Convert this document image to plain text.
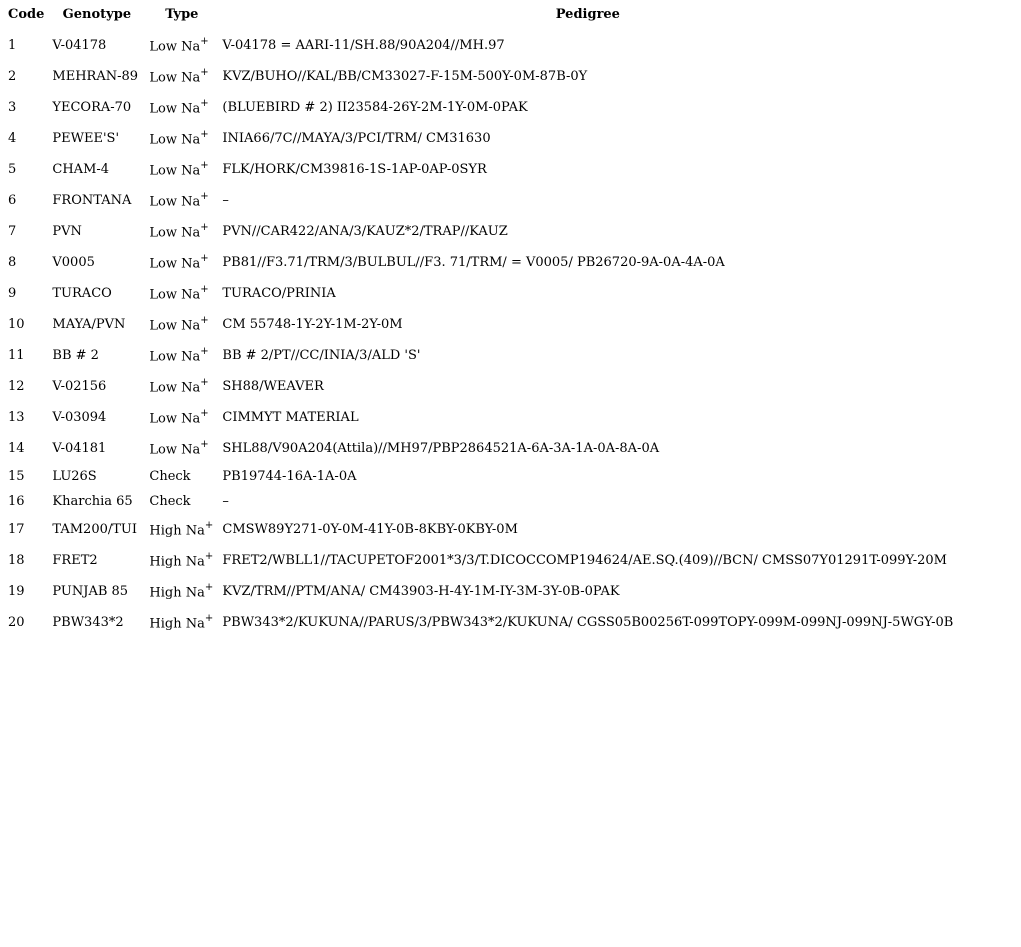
Code	Genotype	Type	Pedigree
1	V-04178	Low Na+	V-04178 = AARI-11/SH.88/90A204//MH.97
2	MEHRAN-89	Low Na+	KVZ/BUHO//KAL/BB/CM33027-F-15M-500Y-0M-87B-0Y
3	YECORA-70	Low Na+	(BLUEBIRD # 2) II23584-26Y-2M-1Y-0M-0PAK
4	PEWEE'S'	Low Na+	INIA66/7C//MAYA/3/PCI/TRM/ CM31630
5	CHAM-4	Low Na+	FLK/HORK/CM39816-1S-1AP-0AP-0SYR
6	FRONTANA	Low Na+	–
7	PVN	Low Na+	PVN//CAR422/ANA/3/KAUZ*2/TRAP//KAUZ
8	V0005	Low Na+	PB81//F3.71/TRM/3/BULBUL//F3. 71/TRM/ = V0005/ PB26720-9A-0A-4A-0A
9	TURACO	Low Na+	TURACO/PRINIA
10	MAYA/PVN	Low Na+	CM 55748-1Y-2Y-1M-2Y-0M
11	BB # 2	Low Na+	BB # 2/PT//CC/INIA/3/ALD 'S'
12	V-02156	Low Na+	SH88/WEAVER
13	V-03094	Low Na+	CIMMYT MATERIAL
14	V-04181	Low Na+	SHL88/V90A204(Attila)//MH97/PBP2864521A-6A-3A-1A-0A-8A-0A
15	LU26S	Check	PB19744-16A-1A-0A
16	Kharchia 65	Check	–
17	TAM200/TUI	High Na+	CMSW89Y271-0Y-0M-41Y-0B-8KBY-0KBY-0M
18	FRET2	High Na+	FRET2/WBLL1//TACUPETOF2001*3/3/T.DICOCCOMP194624/AE.SQ.(409)//BCN/ CMSS07Y01291T-099Y-20M
19	PUNJAB 85	High Na+	KVZ/TRM//PTM/ANA/ CM43903-H-4Y-1M-IY-3M-3Y-0B-0PAK
20	PBW343*2	High Na+	PBW343*2/KUKUNA//PARUS/3/PBW343*2/KUKUNA/ CGSS05B00256T-099TOPY-099M-099NJ-099NJ-5WGY-0B
